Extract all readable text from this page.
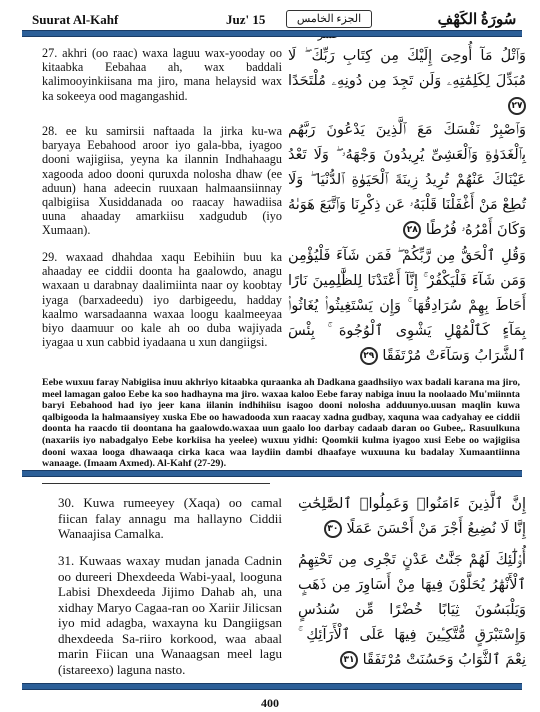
Suurat Al-Kahf	Juz' 15	الجزء الخامس	سُورَةُ الكَهْفِ
27. akhri (oo raac) waxa laguu wax-yooday oo kitaabka Eebahaa ah, wax baddali kalimooyinkiisana ma jiro, mana helaysid wax ka sokeeya ood magangashid.
وَٱتْلُ مَآ أُوحِىَ إِلَيْكَ مِن كِتَابِ رَبِّكَ ۖ لَا مُبَدِّلَ لِكَلِمَٰتِهِۦ وَلَن تَجِدَ مِن دُونِهِۦ مُلْتَحَدًا ٢٧
28. ee ku samirsii naftaada la jirka ku-wa baryaya Eebahood aroor iyo gala-bba, iyagoo dooni wajigiisa, yeyna ka ilannin Indhahaagu xagooda adoo dooni quruxda nolosha dhaw (ee aduun) hana adeecin ruuxaan halmaansiinnay qalbigiisa Xusiddanada oo raacay hawadiisa uuna ahaaday amarkiisu xadgudub (iyo Xumaan).
وَٱصْبِرْ نَفْسَكَ مَعَ ٱلَّذِينَ يَدْعُونَ رَبَّهُم بِٱلْغَدَوٰةِ وَٱلْعَشِىِّ يُرِيدُونَ وَجْهَهُۥ ۖ وَلَا تَعْدُ عَيْنَاكَ عَنْهُمْ تُرِيدُ زِينَةَ ٱلْحَيَوٰةِ ٱلدُّنْيَا ۖ وَلَا تُطِعْ مَنْ أَغْفَلْنَا قَلْبَهُۥ عَن ذِكْرِنَا وَٱتَّبَعَ هَوَىٰهُ وَكَانَ أَمْرُهُۥ فُرُطًا ٢٨
29. waxaad dhahdaa xaqu Eebihiin buu ka ahaaday ee ciddii doonta ha gaalowdo, anagu waxaan u darabnay daalimiinta naar oy koobtay iyaga (barxadeedu) iyo darbigeedu, hadday kaalmo warsadaanna waxaa loogu kaalmeeyaa biyo daamuur oo kale ah oo duba wajiyada iyagaa u xun cabbid iyadaana u xun dangiigsi.
وَقُلِ ٱلْحَقُّ مِن رَّبِّكُمْ ۖ فَمَن شَآءَ فَلْيُؤْمِن وَمَن شَآءَ فَلْيَكْفُرْ ۚ إِنَّآ أَعْتَدْنَا لِلظَّٰلِمِينَ نَارًا أَحَاطَ بِهِمْ سُرَادِقُهَا ۚ وَإِن يَسْتَغِيثُوا۟ يُغَاثُوا۟ بِمَآءٍ كَٱلْمُهْلِ يَشْوِى ٱلْوُجُوهَ ۚ بِئْسَ ٱلشَّرَابُ وَسَآءَتْ مُرْتَفَقًا ٢٩
Eebe wuxuu faray Nabigiisa inuu akhriyo kitaabka quraanka ah Dadkana gaadhsiiyo wax badali karana ma jiro, meel lamagan galoo Eebe ka soo hadhayna ma jiro. waxaa kaloo Eebe faray nabiga inuu la noolaado Mu'miinnta baryi Eebahood had iyo jeer kana iilanin indhihiisu isagoo dooni nolosha adduunyo.uusan maqlin kuwa qalbigooda la halmaansiyey xuska Ebe oo hawadooda xun raacay xadna gudbay, xaquna waa cadyahay ee ciddii doonta ha raacdo tii doontana ha gaalowdo.waxaa uun gaalo loo darbay cadaab daran oo Gubee,. Rasuulkuna (naxariis iyo nabadgalyo Eebe korkiisa ha yeelee) wuxuu yidhi: Qoomkii kulma iyagoo xusi Eebe oo wajigiisa dooni waxaa looga dhawaaqa cirka kaca waa laydiin dambi dhaafaye wuxuuna ku badalay Xumaantiinna wanaage. (Imaam Axmed). Al-Kahf (27-29).
30. Kuwa rumeeyey (Xaqa) oo camal fiican falay annagu ma hallayno Ciddii Wanaajisa Camalka.
إِنَّ ٱلَّذِينَ ءَامَنُوا۟ وَعَمِلُوا۟ ٱلصَّٰلِحَٰتِ إِنَّا لَا نُضِيعُ أَجْرَ مَنْ أَحْسَنَ عَمَلًا ٣٠
31. Kuwaas waxay mudan janada Cadnin oo dureeri Dhexdeeda Wabi-yaal, looguna Labisi Dhexdeeda Jijimo Dahab ah, una xidhay Maryo Cagaa-ran oo Xariir Jilicsan iyo mid adagba, waxayna ku Dangiigsan dhexdeeda Sa-riiro korkood, waa abaal marin Fiican una Wanaagsan meel lagu (istareexo) laguna nasto.
أُو۟لَٰٓئِكَ لَهُمْ جَنَّٰتُ عَدْنٍ تَجْرِى مِن تَحْتِهِمُ ٱلْأَنْهَٰرُ يُحَلَّوْنَ فِيهَا مِنْ أَسَاوِرَ مِن ذَهَبٍ وَيَلْبَسُونَ ثِيَابًا خُضْرًا مِّن سُندُسٍ وَإِسْتَبْرَقٍ مُّتَّكِـِٔينَ فِيهَا عَلَى ٱلْأَرَآئِكِ ۚ نِعْمَ ٱلثَّوَابُ وَحَسُنَتْ مُرْتَفَقًا ٣١
400
